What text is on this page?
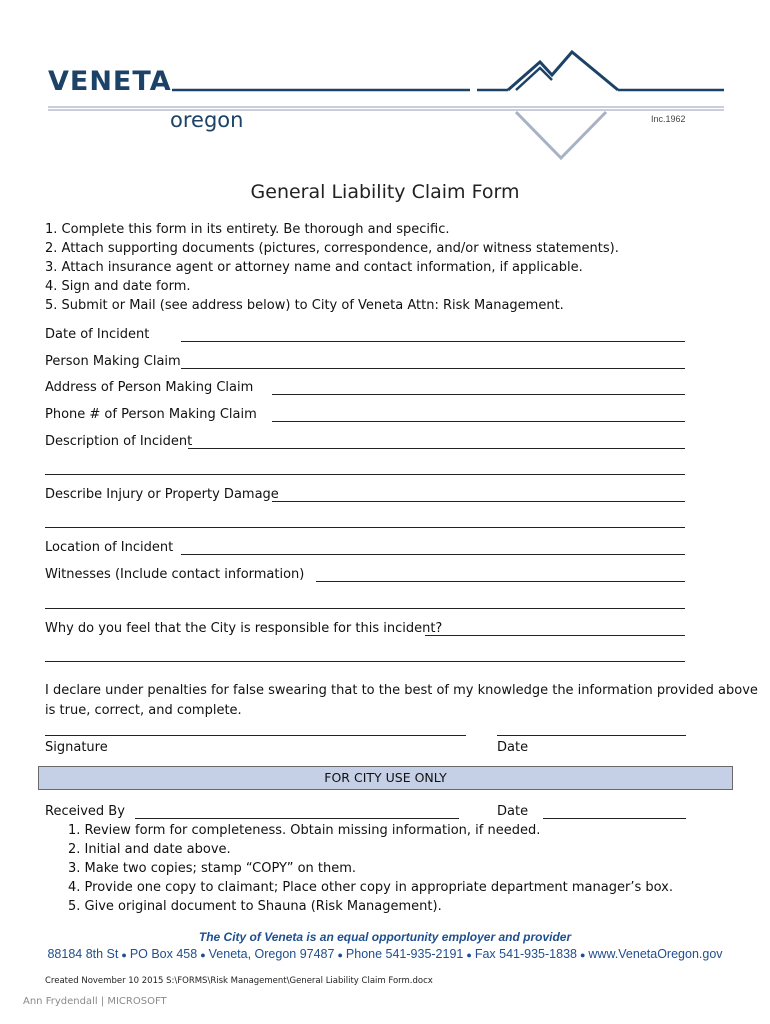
VENETA
oregon	Inc.1962
General Liability Claim Form
1. Complete this form in its entirety. Be thorough and specific.
2. Attach supporting documents (pictures, correspondence, and/or witness statements).
3. Attach insurance agent or attorney name and contact information, if applicable.
4. Sign and date form.
5. Submit or Mail (see address below) to City of Veneta Attn: Risk Management.
Date of Incident
Person Making Claim
Address of Person Making Claim
Phone # of Person Making Claim
Description of Incident
Describe Injury or Property Damage
Location of Incident
Witnesses (Include contact information)
Why do you feel that the City is responsible for this incident?
I declare under penalties for false swearing that to the best of my knowledge the information provided above
is true, correct, and complete.
Signature	Date
FOR CITY USE ONLY
Received By	Date
1. Review form for completeness. Obtain missing information, if needed.
2. Initial and date above.
3. Make two copies; stamp “COPY” on them.
4. Provide one copy to claimant; Place other copy in appropriate department manager’s box.
5. Give original document to Shauna (Risk Management).
The City of Veneta is an equal opportunity employer and provider
88184 8th St ● PO Box 458 ● Veneta, Oregon 97487 ● Phone 541-935-2191 ● Fax 541-935-1838 ● www.VenetaOregon.gov
Created November 10 2015 S:\FORMS\Risk Management\General Liability Claim Form.docx
Ann Frydendall | MICROSOFT
